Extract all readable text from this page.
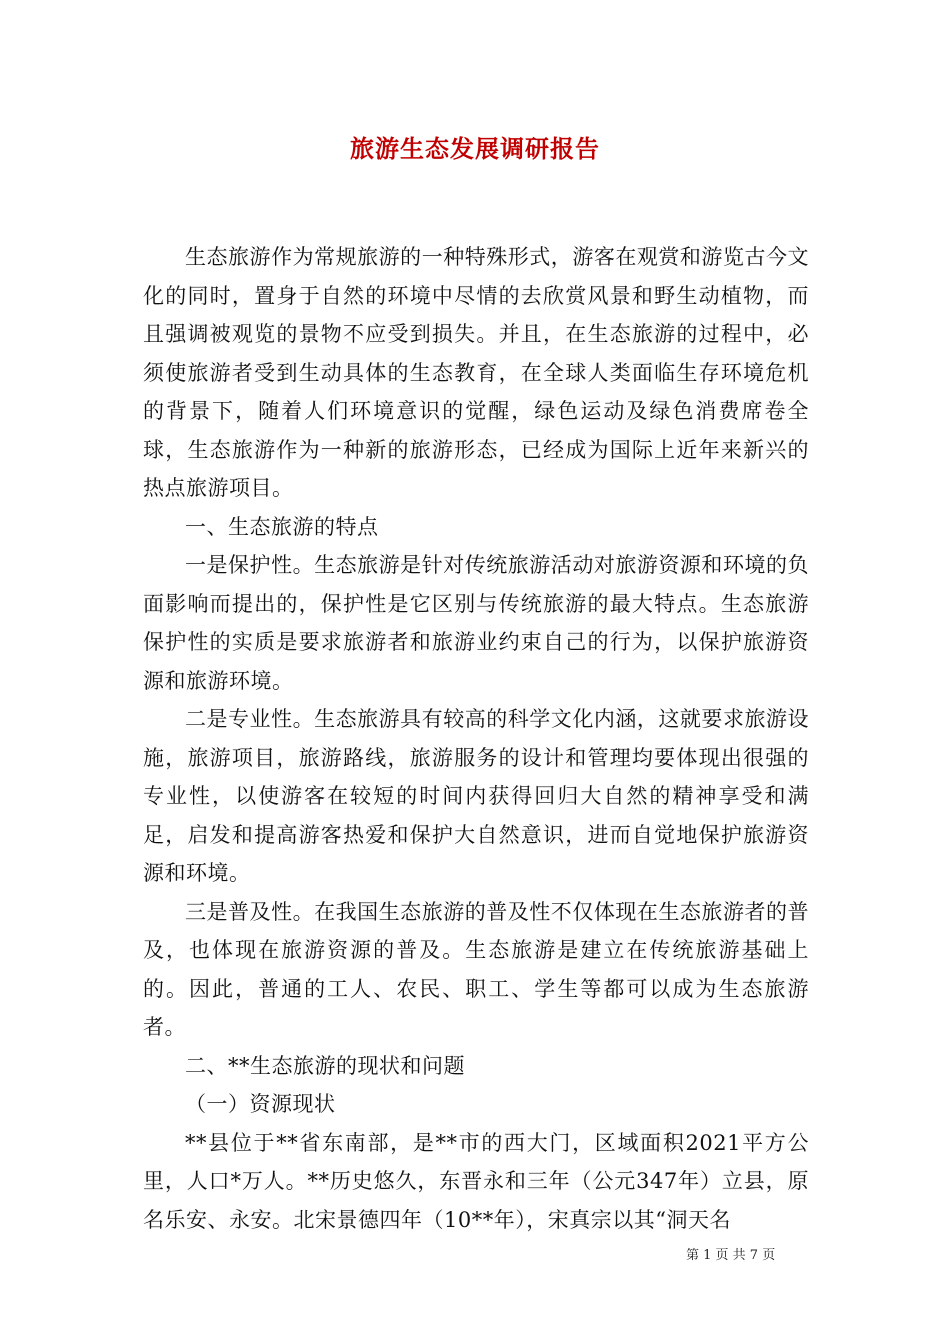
旅游生态发展调研报告

生态旅游作为常规旅游的一种特殊形式，游客在观赏和游览古今文化的同时，置身于自然的环境中尽情的去欣赏风景和野生动植物，而且强调被观览的景物不应受到损失。并且，在生态旅游的过程中，必须使旅游者受到生动具体的生态教育，在全球人类面临生存环境危机的背景下，随着人们环境意识的觉醒，绿色运动及绿色消费席卷全球，生态旅游作为一种新的旅游形态，已经成为国际上近年来新兴的热点旅游项目。

一、生态旅游的特点

一是保护性。生态旅游是针对传统旅游活动对旅游资源和环境的负面影响而提出的，保护性是它区别与传统旅游的最大特点。生态旅游保护性的实质是要求旅游者和旅游业约束自己的行为，以保护旅游资源和旅游环境。

二是专业性。生态旅游具有较高的科学文化内涵，这就要求旅游设施，旅游项目，旅游路线，旅游服务的设计和管理均要体现出很强的专业性，以使游客在较短的时间内获得回归大自然的精神享受和满足，启发和提高游客热爱和保护大自然意识，进而自觉地保护旅游资源和环境。

三是普及性。在我国生态旅游的普及性不仅体现在生态旅游者的普及，也体现在旅游资源的普及。生态旅游是建立在传统旅游基础上的。因此，普通的工人、农民、职工、学生等都可以成为生态旅游者。

二、**生态旅游的现状和问题

（一）资源现状

**县位于**省东南部，是**市的西大门，区域面积2021平方公里，人口*万人。**历史悠久，东晋永和三年（公元347年）立县，原名乐安、永安。北宋景德四年（10**年），宋真宗以其“洞天名

第 1 页 共 7 页
